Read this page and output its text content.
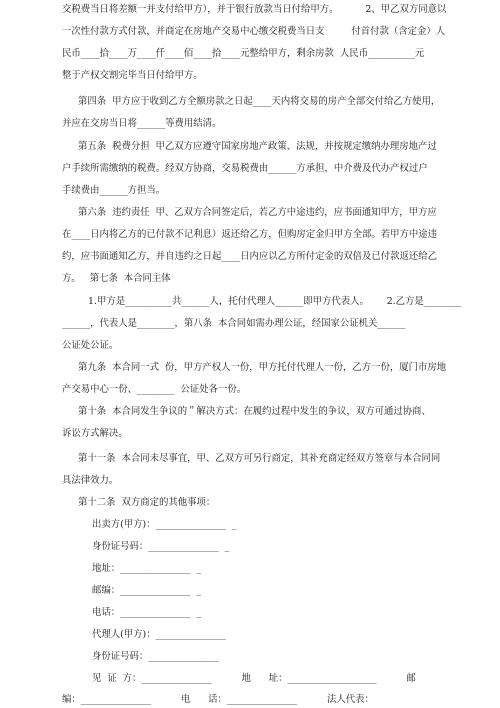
交税费当日将差额一并支付给甲方），并于银行放款当日付给甲方。         2、甲乙双方同意以
一次性付款方式付款，并商定在房地产交易中心缴交税费当日支         付首付款（含定金）人
民币____拾____万____仟____佰____拾____元整给甲方，剩余房款  人民币__________元
整于产权交割完毕当日付给甲方。
第四条  甲方应于收到乙方全额房款之日起____天内将交易的房产全部交付给乙方使用，
并应在交房当日将______等费用结清。
第五条  税费分担  甲乙双方应遵守国家房地产政策、法规，并按规定缴纳办理房地产过
户手续所需缴纳的税费。经双方协商，交易税费由______方承担，中介费及代办产权过户
手续费由______方担当。
第六条  违约责任  甲、乙双方合同签定后，若乙方中途违约，应书面通知甲方，甲方应
在____日内将乙方的已付款不记利息）返还给乙方，但购房定金归甲方全部。若甲方中途违
约，应书面通知乙方，并自违约之日起____日内应以乙方所付定金的双倍及已付款返还给乙
方。   第七条  本合同主体
1.甲方是__________共______人，托付代理人______即甲方代表人。      2.乙方是________
______，代表人是________，第八条  本合同如需办理公证，经国家公证机关______
公证处公证。
第九条  本合同一式  份，甲方产权人一份，甲方托付代理人一份，乙方一份，厦门市房地
产交易中心一份、________  公证处各一份。
第十条  本合同发生争议的＂解决方式：在履约过程中发生的争议，双方可通过协商、
诉讼方式解决。
第十一条  本合同未尽事宜，甲、乙双方可另行商定，其补充商定经双方签章与本合同同
具法律效力。
第十二条  双方商定的其他事项：
出卖方(甲方)：_______________  _
身份证号码：_______________  _
地址：_______________  _
邮编：_______________  _
电话：_______________  _
代理人(甲方)：_______________
身份证号码：_______________
见  证  方：_______________          地      址：___________________          邮
编：_______________          电      话：_______________          法人代表：
